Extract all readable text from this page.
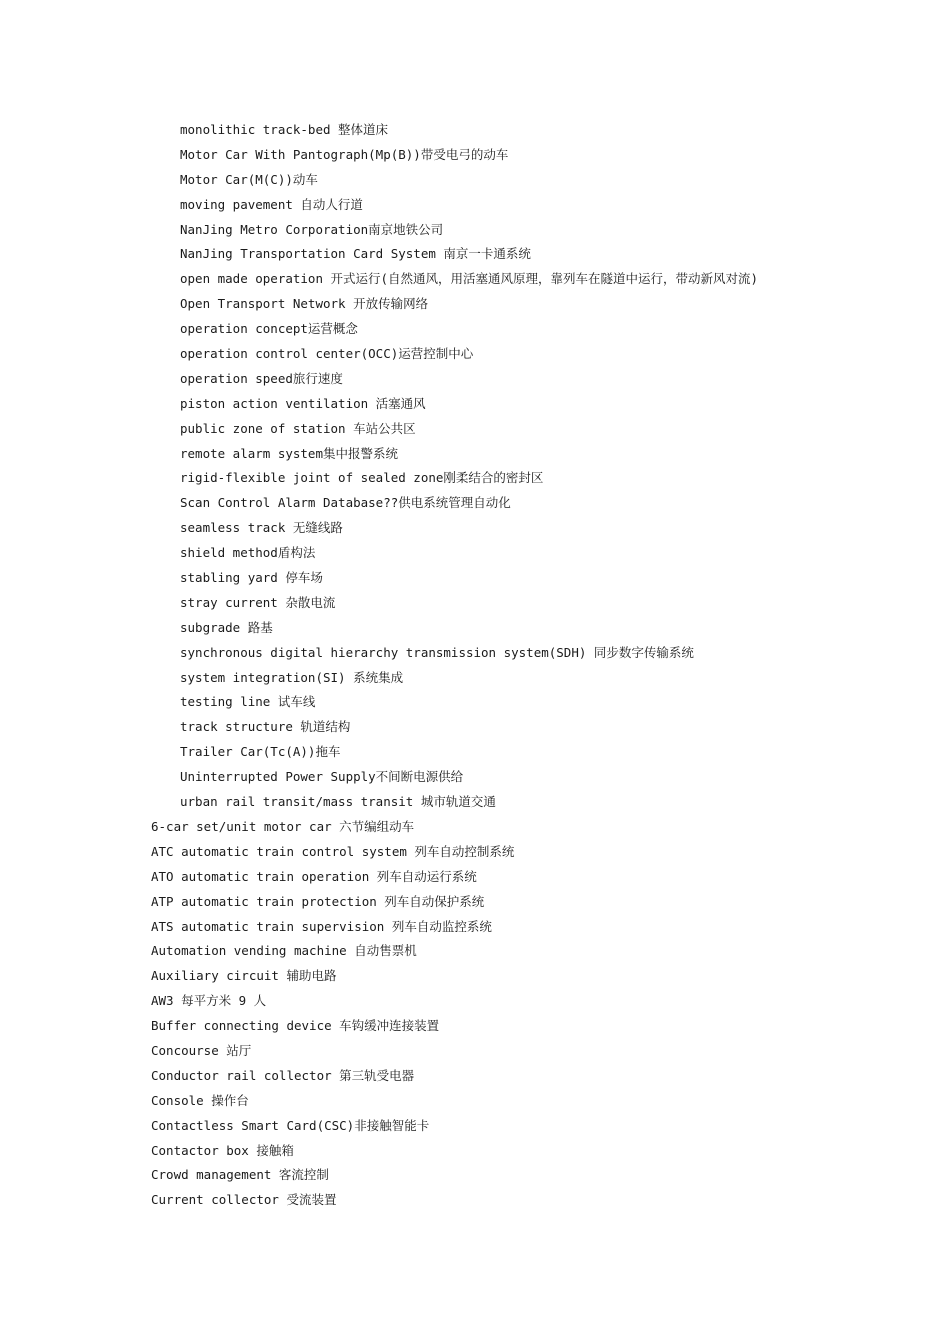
monolithic track-bed 整体道床
Motor Car With Pantograph(Mp(B))带受电弓的动车
Motor Car(M(C))动车
moving pavement 自动人行道
NanJing Metro Corporation南京地铁公司
NanJing Transportation Card System 南京一卡通系统
open made operation 开式运行(自然通风，用活塞通风原理，靠列车在隧道中运行，带动新风对流)
Open Transport Network 开放传输网络
operation concept运营概念
operation control center(OCC)运营控制中心
operation speed旅行速度
piston action ventilation 活塞通风
public zone of station 车站公共区
remote alarm system集中报警系统
rigid-flexible joint of sealed zone刚柔结合的密封区
Scan Control Alarm Database??供电系统管理自动化
seamless track 无缝线路
shield method盾构法
stabling yard 停车场
stray current 杂散电流
subgrade 路基
synchronous digital hierarchy transmission system(SDH) 同步数字传输系统
system integration(SI) 系统集成
testing line 试车线
track structure 轨道结构
Trailer Car(Tc(A))拖车
Uninterrupted Power Supply不间断电源供给
urban rail transit/mass transit 城市轨道交通
6-car set/unit motor car 六节编组动车
ATC automatic train control system 列车自动控制系统
ATO automatic train operation 列车自动运行系统
ATP automatic train protection 列车自动保护系统
ATS automatic train supervision 列车自动监控系统
Automation vending machine 自动售票机
Auxiliary circuit 辅助电路
AW3 每平方米 9 人
Buffer connecting device 车钩缓冲连接装置
Concourse 站厅
Conductor rail collector 第三轨受电器
Console 操作台
Contactless Smart Card(CSC)非接触智能卡
Contactor box 接触箱
Crowd management 客流控制
Current collector 受流装置
